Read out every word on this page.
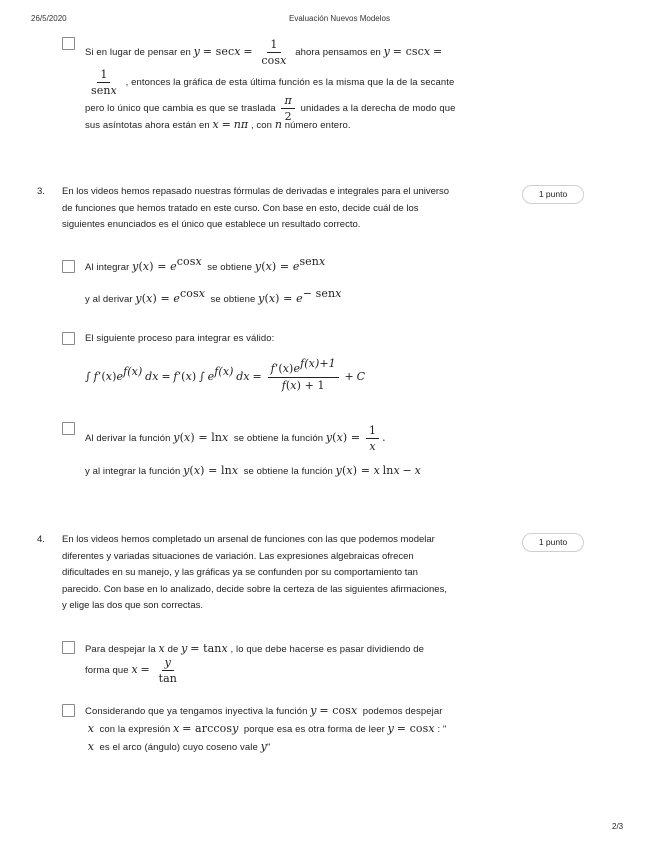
26/5/2020	Evaluación Nuevos Modelos
Si en lugar de pensar en $y = \sec x = \frac{1}{\cos x}$ ahora pensamos en y = cscx =
$\frac{1}{\text{senx}}$ , entonces la gráfica de esta última función es la misma que la de la secante
pero lo único que cambia es que se traslada $\frac{\pi}{2}$ unidades a la derecha de modo que
sus asíntotas ahora están en x = nπ , con n número entero.
3. En los videos hemos repasado nuestras fórmulas de derivadas e integrales para el universo
de funciones que hemos tratado en este curso. Con base en esto, decide cuál de los
siguientes enunciados es el único que establece un resultado correcto.
1 punto
Al integrar $y(x) = e^{cosx}$ se obtiene $y(x) = e^{senx}$
y al derivar $y(x) = e^{cosx}$ se obtiene $y(x) = e^{- senx}$
El siguiente proceso para integrar es válido:
∫ $f’(x)e^{f(x)}$ dx = f’(x) ∫ $e^{f(x)}$ dx = $\frac{f’(x)e^{f(x)+1}}{f(x) + 1} + C$
Al derivar la función y(x) = lnx se obtiene la función $y(x) = \frac{1}{x}$ .
y al integrar la función y(x) = lnx se obtiene la función y(x) = x lnx − x
4. En los videos hemos completado un arsenal de funciones con las que podemos modelar
diferentes y variadas situaciones de variación. Las expresiones algebraicas ofrecen
dificultades en su manejo, y las gráficas ya se confunden por su comportamiento tan
parecido. Con base en lo analizado, decide sobre la certeza de las siguientes afirmaciones,
y elige las dos que son correctas.
1 punto
Para despejar la x de y = tanx , lo que debe hacerse es pasar dividiendo de
forma que $x = \frac{y}{\tan}$
Considerando que ya tengamos inyectiva la función y = cosx podemos despejar
x con la expresión x = arccosy porque esa es otra forma de leer y = cosx : "
x es el arco (ángulo) cuyo coseno vale y"
2/3
